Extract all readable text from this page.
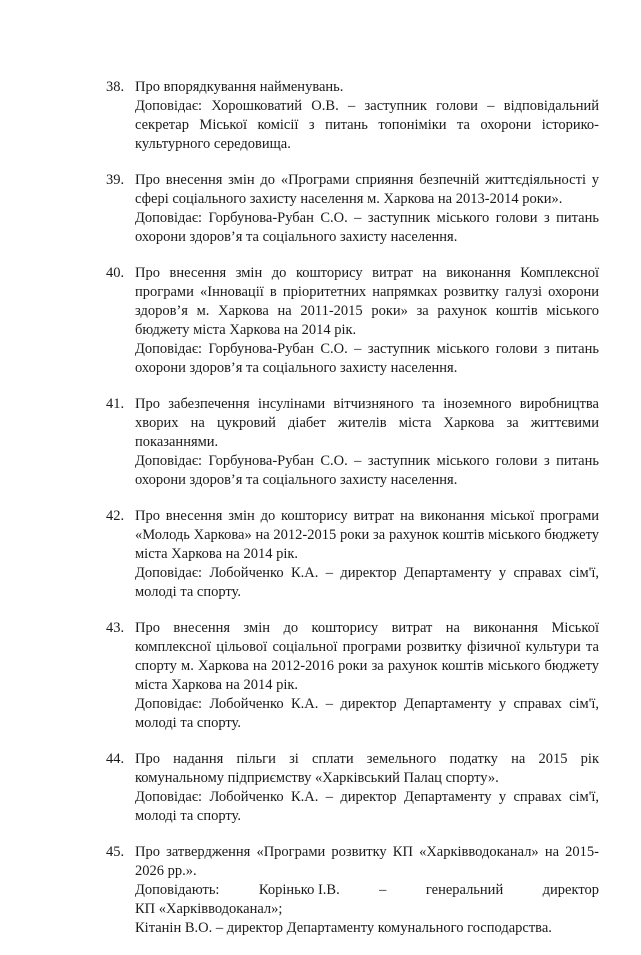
38. Про впорядкування найменувань.

Доповідає: Хорошковатий О.В. – заступник голови – відповідальний секретар Міської комісії з питань топоніміки та охорони історико-культурного середовища.

39. Про внесення змін до «Програми сприяння безпечній життєдіяльності у сфері соціального захисту населення м. Харкова на 2013-2014 роки».

Доповідає: Горбунова-Рубан С.О. – заступник міського голови з питань охорони здоров’я та соціального захисту населення.

40. Про внесення змін до кошторису витрат на виконання Комплексної програми «Інновації в пріоритетних напрямках розвитку галузі охорони здоров’я м. Харкова на 2011-2015 роки» за рахунок коштів міського бюджету міста Харкова на 2014 рік.

Доповідає: Горбунова-Рубан С.О. – заступник міського голови з питань охорони здоров’я та соціального захисту населення.

41. Про забезпечення інсулінами вітчизняного та іноземного виробництва хворих на цукровий діабет жителів міста Харкова за життєвими показаннями.

Доповідає: Горбунова-Рубан С.О. – заступник міського голови з питань охорони здоров’я та соціального захисту населення.

42. Про внесення змін до кошторису витрат на виконання міської програми «Молодь Харкова» на 2012-2015 роки за рахунок коштів міського бюджету міста Харкова на 2014 рік.

Доповідає: Лобойченко К.А. – директор Департаменту у справах сім'ї, молоді та спорту.

43. Про внесення змін до кошторису витрат на виконання Міської комплексної цільової соціальної програми розвитку фізичної культури та спорту м. Харкова на 2012-2016 роки за рахунок коштів міського бюджету міста Харкова на 2014 рік.

Доповідає: Лобойченко К.А. – директор Департаменту у справах сім'ї, молоді та спорту.

44. Про надання пільги зі сплати земельного податку на 2015 рік комунальному підприємству «Харківський Палац спорту».

Доповідає: Лобойченко К.А. – директор Департаменту у справах сім'ї, молоді та спорту.

45. Про затвердження «Програми розвитку КП «Харківводоканал» на 2015-2026 рр.».

Доповідають:	Корінько І.В.	–	генеральний	директор

КП «Харківводоканал»;

Кітанін В.О. – директор Департаменту комунального господарства.
